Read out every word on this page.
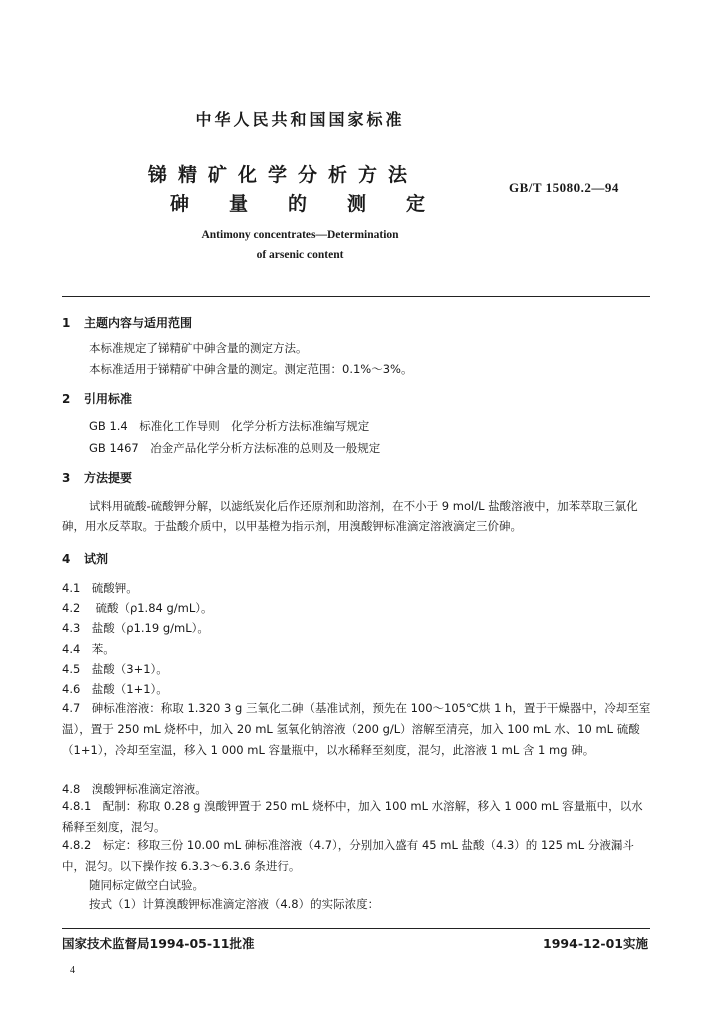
中华人民共和国国家标准
锑精矿化学分析方法
砷量的测定
GB/T 15080.2—94
Antimony concentrates—Determination
of arsenic content
1 主题内容与适用范围
本标准规定了锑精矿中砷含量的测定方法。
本标准适用于锑精矿中砷含量的测定。测定范围：0.1%～3%。
2 引用标准
GB 1.4　标准化工作导则　化学分析方法标准编写规定
GB 1467　冶金产品化学分析方法标准的总则及一般规定
3 方法提要
试料用硫酸-硫酸钾分解，以滤纸炭化后作还原剂和助溶剂，在不小于 9 mol/L 盐酸溶液中，加苯萃取三氯化砷，用水反萃取。于盐酸介质中，以甲基橙为指示剂，用溴酸钾标准滴定溶液滴定三价砷。
4 试剂
4.1　硫酸钾。
4.2　 硫酸（ρ1.84 g/mL）。
4.3　盐酸（ρ1.19 g/mL）。
4.4　苯。
4.5　盐酸（3+1）。
4.6　盐酸（1+1）。
4.7　砷标准溶液：称取 1.320 3 g 三氧化二砷（基准试剂，预先在 100～105℃烘 1 h，置于干燥器中，冷却至室温），置于 250 mL 烧杯中，加入 20 mL 氢氧化钠溶液（200 g/L）溶解至清亮，加入 100 mL 水、10 mL 硫酸（1+1），冷却至室温，移入 1 000 mL 容量瓶中，以水稀释至刻度，混匀，此溶液 1 mL 含 1 mg 砷。
4.8　溴酸钾标准滴定溶液。
4.8.1　配制：称取 0.28 g 溴酸钾置于 250 mL 烧杯中，加入 100 mL 水溶解，移入 1 000 mL 容量瓶中，以水稀释至刻度，混匀。
4.8.2　标定：移取三份 10.00 mL 砷标准溶液（4.7），分别加入盛有 45 mL 盐酸（4.3）的 125 mL 分液漏斗中，混匀。以下操作按 6.3.3～6.3.6 条进行。
随同标定做空白试验。
按式（1）计算溴酸钾标准滴定溶液（4.8）的实际浓度：
国家技术监督局1994-05-11批准	1994-12-01实施
4
